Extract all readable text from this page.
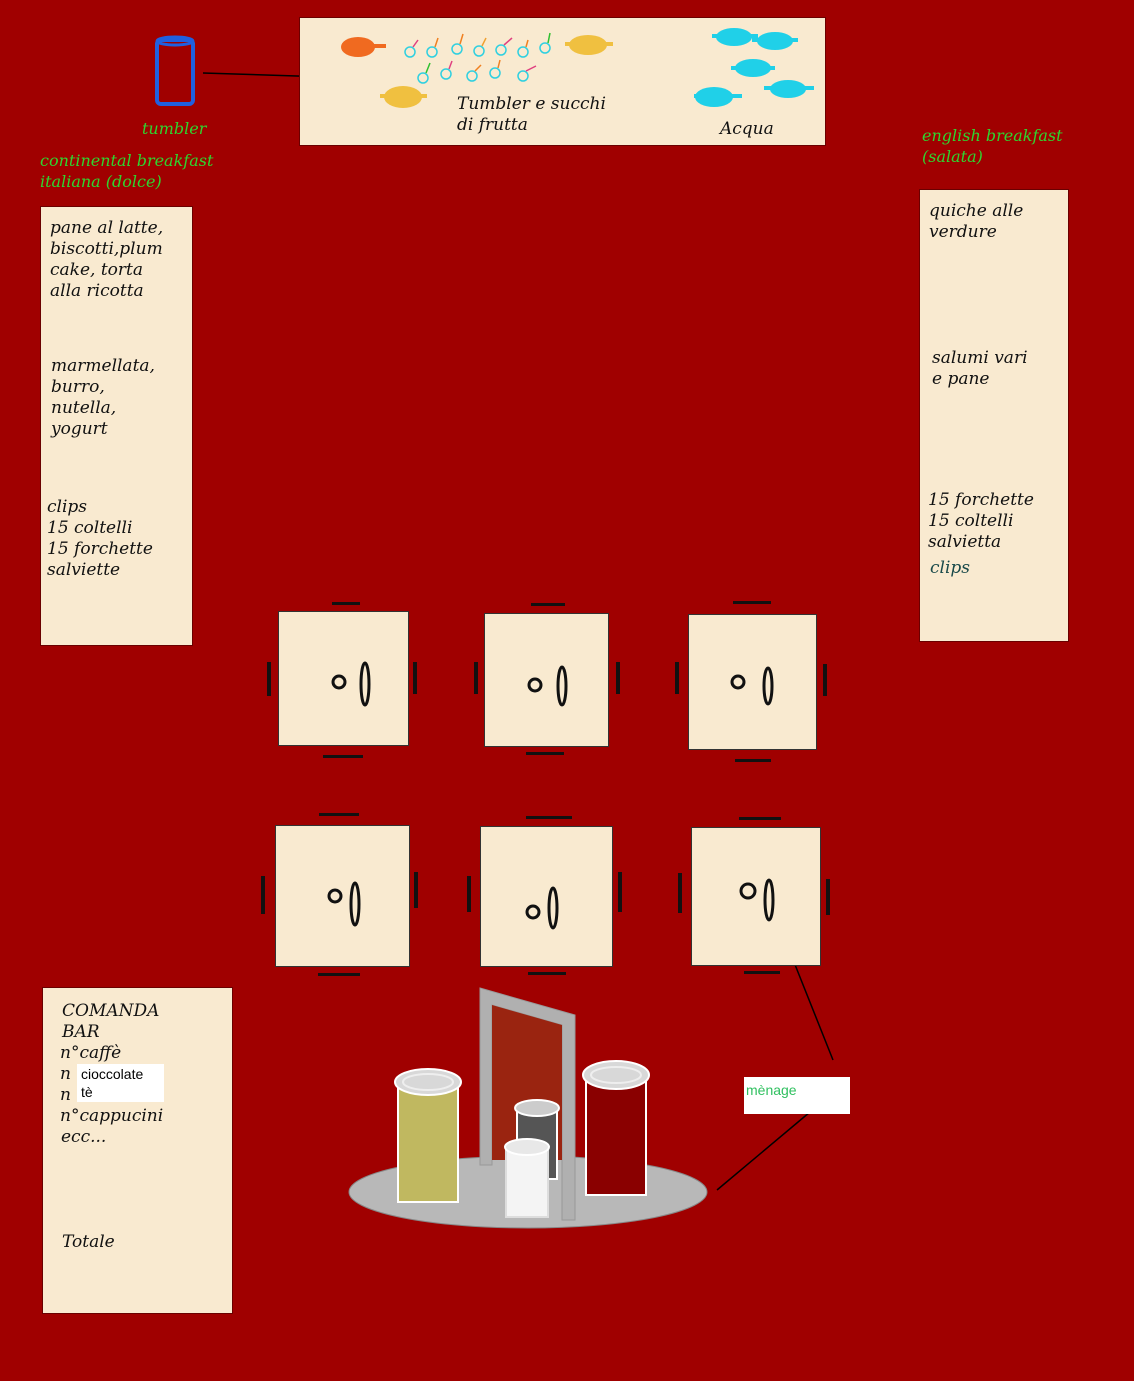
tumbler
continental breakfast
italiana (dolce)
english breakfast
(salata)
Tumbler e succhi
di frutta	Acqua
pane al latte,
biscotti,plum
cake, torta
alla ricotta
marmellata,
burro,
nutella,
yogurt
clips
15 coltelli
15 forchette
salviette
quiche alle
verdure
salumi vari
e pane
15 forchette
15 coltelli
salvietta
clips
mènage
COMANDA
BAR
n°caffè
n
n
cioccolate
tè
n°cappucini
ecc...
Totale
